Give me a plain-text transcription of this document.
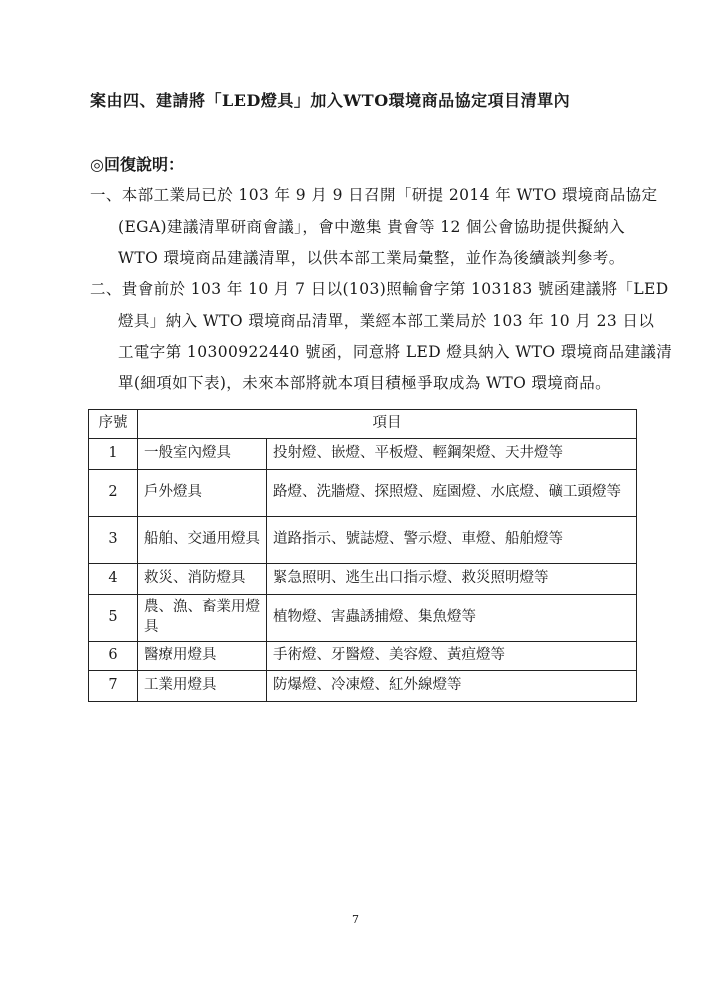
案由四、建請將「LED燈具」加入WTO環境商品協定項目清單內
◎回復說明：
一、本部工業局已於 103 年 9 月 9 日召開「研提 2014 年 WTO 環境商品協定
(EGA)建議清單研商會議」，會中邀集 貴會等 12 個公會協助提供擬納入
WTO 環境商品建議清單，以供本部工業局彙整，並作為後續談判參考。
二、貴會前於 103 年 10 月 7 日以(103)照輸會字第 103183 號函建議將「LED
燈具」納入 WTO 環境商品清單，業經本部工業局於 103 年 10 月 23 日以
工電字第 10300922440 號函，同意將 LED 燈具納入 WTO 環境商品建議清
單(細項如下表)，未來本部將就本項目積極爭取成為 WTO 環境商品。
序號	項目	
1	一般室內燈具	投射燈、嵌燈、平板燈、輕鋼架燈、天井燈等
2	戶外燈具	路燈、洗牆燈、探照燈、庭園燈、水底燈、礦工頭燈等
3	船舶、交通用燈具	道路指示、號誌燈、警示燈、車燈、船舶燈等
4	救災、消防燈具	緊急照明、逃生出口指示燈、救災照明燈等
5	農、漁、畜業用燈具	植物燈、害蟲誘捕燈、集魚燈等
6	醫療用燈具	手術燈、牙醫燈、美容燈、黃疸燈等
7	工業用燈具	防爆燈、冷凍燈、紅外線燈等
7
